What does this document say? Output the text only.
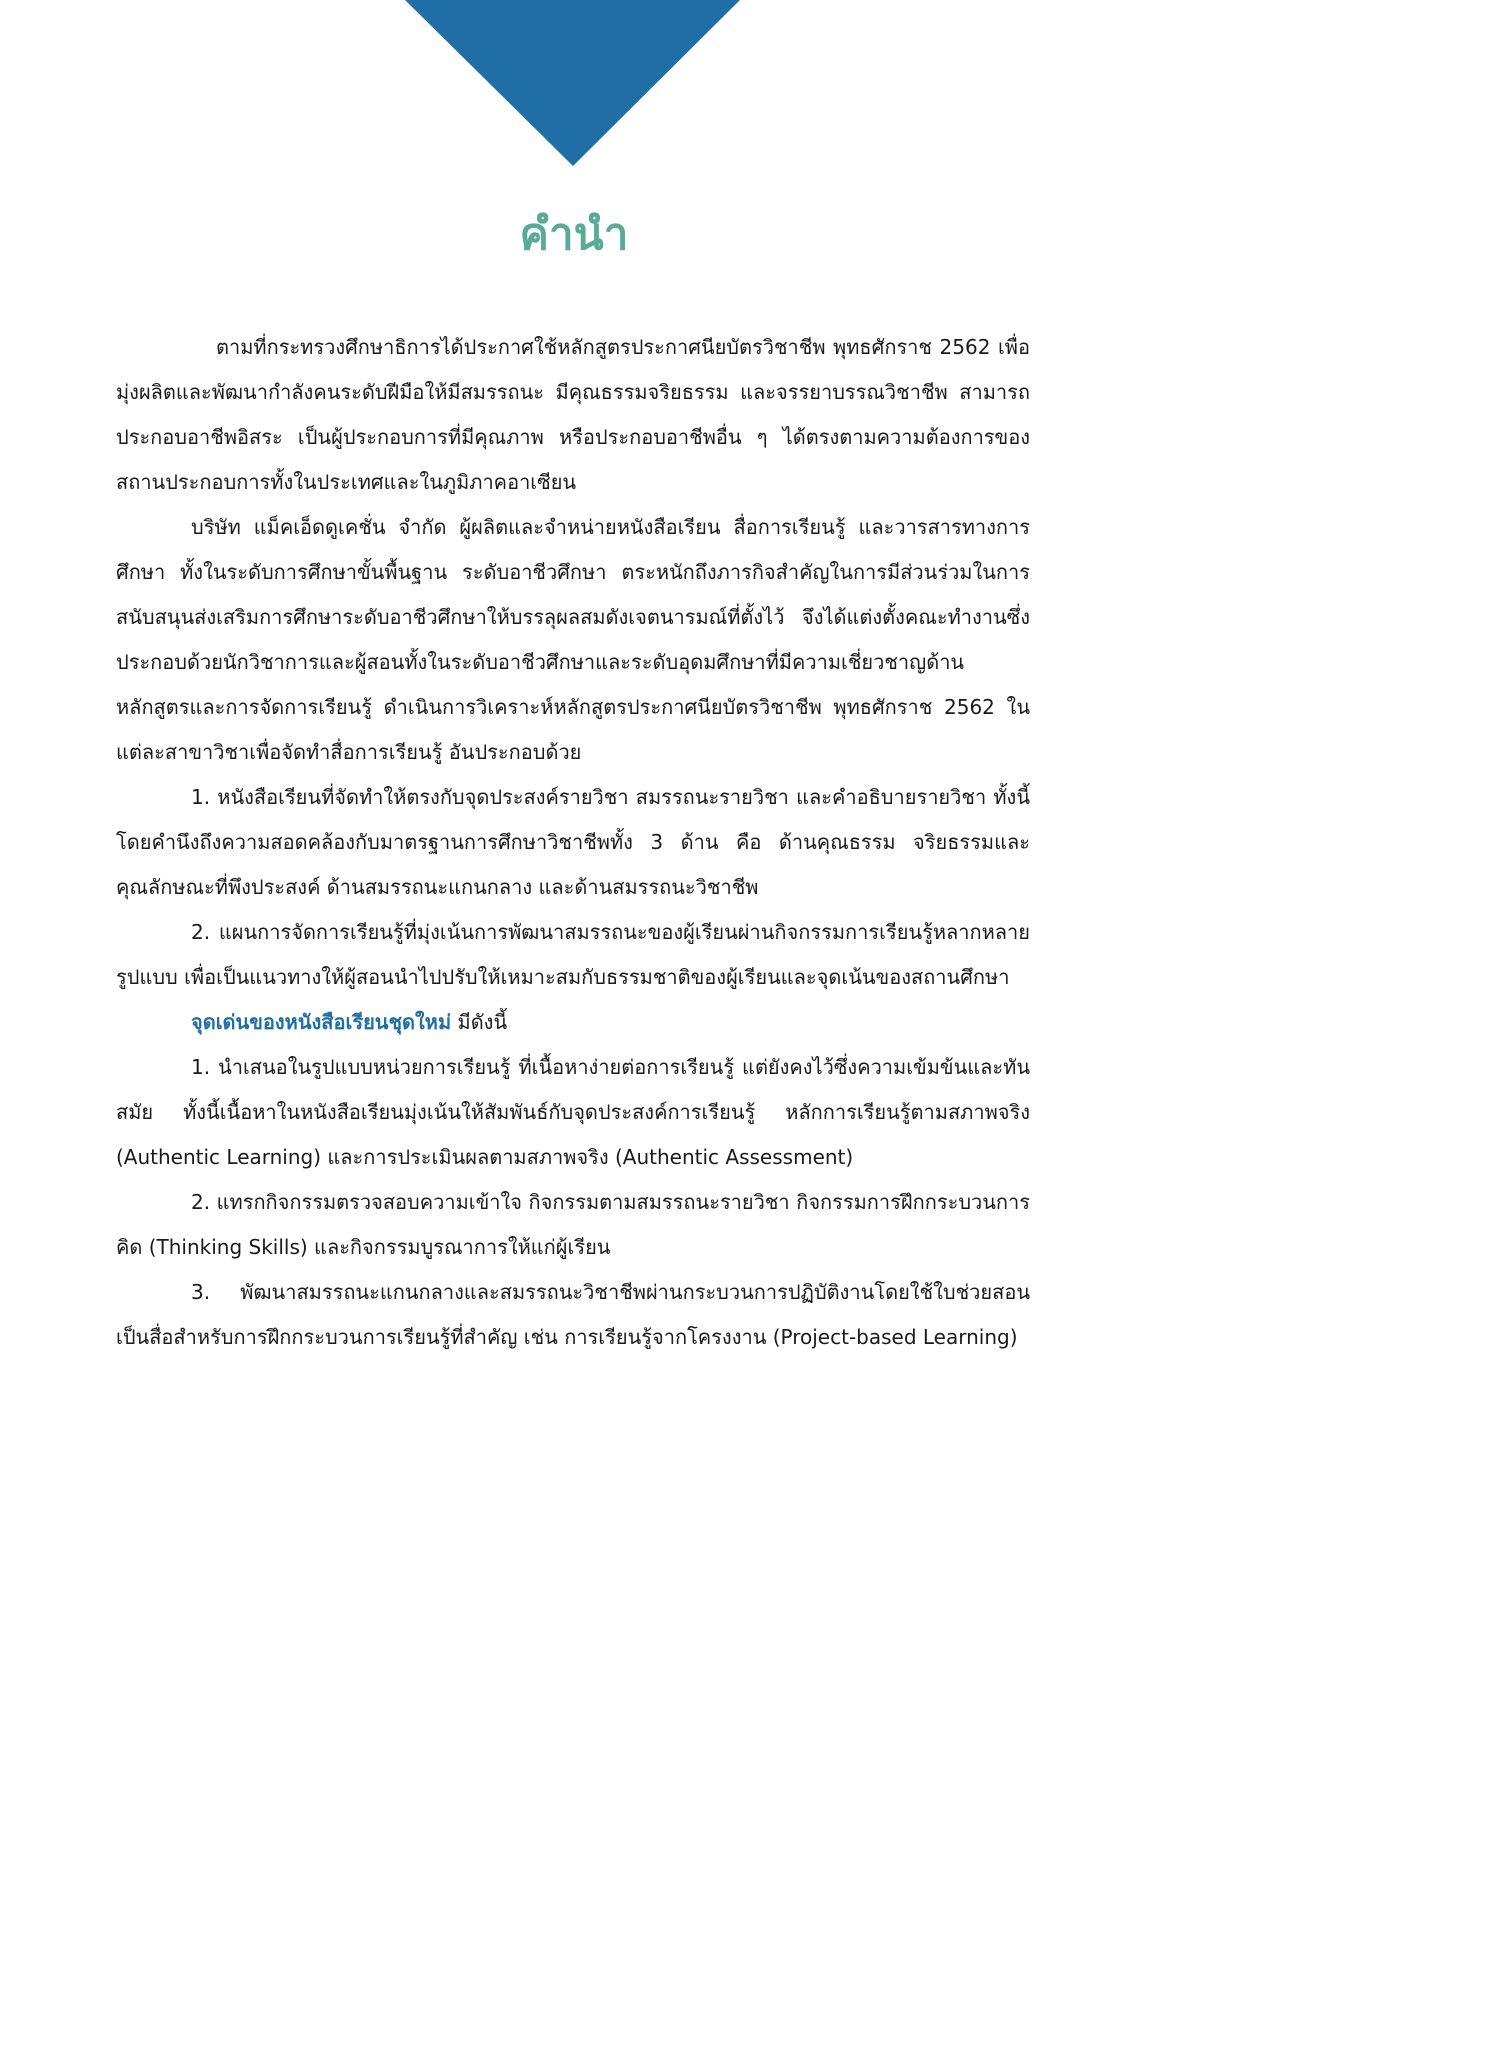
คำนำ

ตามที่กระทรวงศึกษาธิการได้ประกาศใช้หลักสูตรประกาศนียบัตรวิชาชีพ พุทธศักราช 2562 เพื่อมุ่งผลิตและพัฒนากำลังคนระดับฝีมือให้มีสมรรถนะ มีคุณธรรมจริยธรรม และจรรยาบรรณวิชาชีพ สามารถประกอบอาชีพอิสระ เป็นผู้ประกอบการที่มีคุณภาพ หรือประกอบอาชีพอื่น ๆ ได้ตรงตามความต้องการของสถานประกอบการทั้งในประเทศและในภูมิภาคอาเซียน

บริษัท แม็คเอ็ดดูเคชั่น จำกัด ผู้ผลิตและจำหน่ายหนังสือเรียน สื่อการเรียนรู้ และวารสารทางการศึกษา ทั้งในระดับการศึกษาขั้นพื้นฐาน ระดับอาชีวศึกษา ตระหนักถึงภารกิจสำคัญในการมีส่วนร่วมในการสนับสนุนส่งเสริมการศึกษาระดับอาชีวศึกษาให้บรรลุผลสมดังเจตนารมณ์ที่ตั้งไว้ จึงได้แต่งตั้งคณะทำงานซึ่งประกอบด้วยนักวิชาการและผู้สอนทั้งในระดับอาชีวศึกษาและระดับอุดมศึกษาที่มีความเชี่ยวชาญด้านหลักสูตรและการจัดการเรียนรู้ ดำเนินการวิเคราะห์หลักสูตรประกาศนียบัตรวิชาชีพ พุทธศักราช 2562 ในแต่ละสาขาวิชาเพื่อจัดทำสื่อการเรียนรู้ อันประกอบด้วย

1. หนังสือเรียนที่จัดทำให้ตรงกับจุดประสงค์รายวิชา สมรรถนะรายวิชา และคำอธิบายรายวิชา ทั้งนี้โดยคำนึงถึงความสอดคล้องกับมาตรฐานการศึกษาวิชาชีพทั้ง 3 ด้าน คือ ด้านคุณธรรม จริยธรรมและคุณลักษณะที่พึงประสงค์ ด้านสมรรถนะแกนกลาง และด้านสมรรถนะวิชาชีพ

2. แผนการจัดการเรียนรู้ที่มุ่งเน้นการพัฒนาสมรรถนะของผู้เรียนผ่านกิจกรรมการเรียนรู้หลากหลายรูปแบบ เพื่อเป็นแนวทางให้ผู้สอนนำไปปรับให้เหมาะสมกับธรรมชาติของผู้เรียนและจุดเน้นของสถานศึกษา

จุดเด่นของหนังสือเรียนชุดใหม่ มีดังนี้

1. นำเสนอในรูปแบบหน่วยการเรียนรู้ ที่เนื้อหาง่ายต่อการเรียนรู้ แต่ยังคงไว้ซึ่งความเข้มข้นและทันสมัย ทั้งนี้เนื้อหาในหนังสือเรียนมุ่งเน้นให้สัมพันธ์กับจุดประสงค์การเรียนรู้ หลักการเรียนรู้ตามสภาพจริง (Authentic Learning) และการประเมินผลตามสภาพจริง (Authentic Assessment)

2. แทรกกิจกรรมตรวจสอบความเข้าใจ กิจกรรมตามสมรรถนะรายวิชา กิจกรรมการฝึกกระบวนการคิด (Thinking Skills) และกิจกรรมบูรณาการให้แก่ผู้เรียน

3. พัฒนาสมรรถนะแกนกลางและสมรรถนะวิชาชีพผ่านกระบวนการปฏิบัติงานโดยใช้ใบช่วยสอนเป็นสื่อสำหรับการฝึกกระบวนการเรียนรู้ที่สำคัญ เช่น การเรียนรู้จากโครงงาน (Project-based Learning)
